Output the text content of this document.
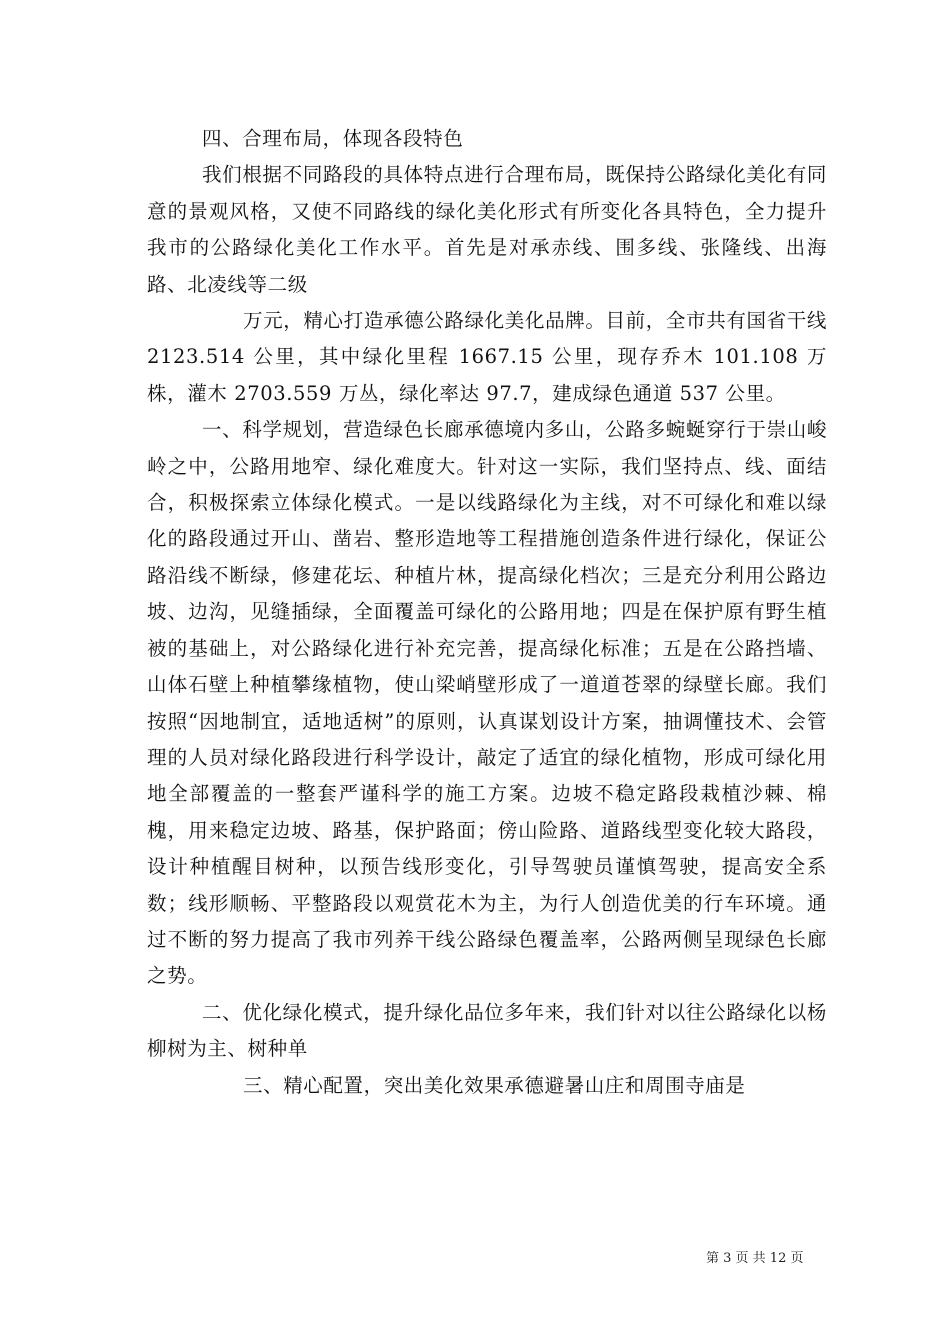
四、合理布局，体现各段特色

我们根据不同路段的具体特点进行合理布局，既保持公路绿化美化有同意的景观风格，又使不同路线的绿化美化形式有所变化各具特色，全力提升我市的公路绿化美化工作水平。首先是对承赤线、围多线、张隆线、出海路、北凌线等二级

万元，精心打造承德公路绿化美化品牌。目前，全市共有国省干线 2123.514 公里，其中绿化里程 1667.15 公里，现存乔木 101.108 万株，灌木 2703.559 万丛，绿化率达 97.7，建成绿色通道 537 公里。

一、科学规划，营造绿色长廊承德境内多山，公路多蜿蜒穿行于崇山峻岭之中，公路用地窄、绿化难度大。针对这一实际，我们坚持点、线、面结合，积极探索立体绿化模式。一是以线路绿化为主线，对不可绿化和难以绿化的路段通过开山、凿岩、整形造地等工程措施创造条件进行绿化，保证公路沿线不断绿，修建花坛、种植片林，提高绿化档次；三是充分利用公路边坡、边沟，见缝插绿，全面覆盖可绿化的公路用地；四是在保护原有野生植被的基础上，对公路绿化进行补充完善，提高绿化标准；五是在公路挡墙、山体石壁上种植攀缘植物，使山梁峭壁形成了一道道苍翠的绿壁长廊。我们按照“因地制宜，适地适树”的原则，认真谋划设计方案，抽调懂技术、会管理的人员对绿化路段进行科学设计，敲定了适宜的绿化植物，形成可绿化用地全部覆盖的一整套严谨科学的施工方案。边坡不稳定路段栽植沙棘、棉槐，用来稳定边坡、路基，保护路面；傍山险路、道路线型变化较大路段，设计种植醒目树种，以预告线形变化，引导驾驶员谨慎驾驶，提高安全系数；线形顺畅、平整路段以观赏花木为主，为行人创造优美的行车环境。通过不断的努力提高了我市列养干线公路绿色覆盖率，公路两侧呈现绿色长廊之势。

二、优化绿化模式，提升绿化品位多年来，我们针对以往公路绿化以杨柳树为主、树种单

三、精心配置，突出美化效果承德避暑山庄和周围寺庙是

第 3 页 共 12 页
